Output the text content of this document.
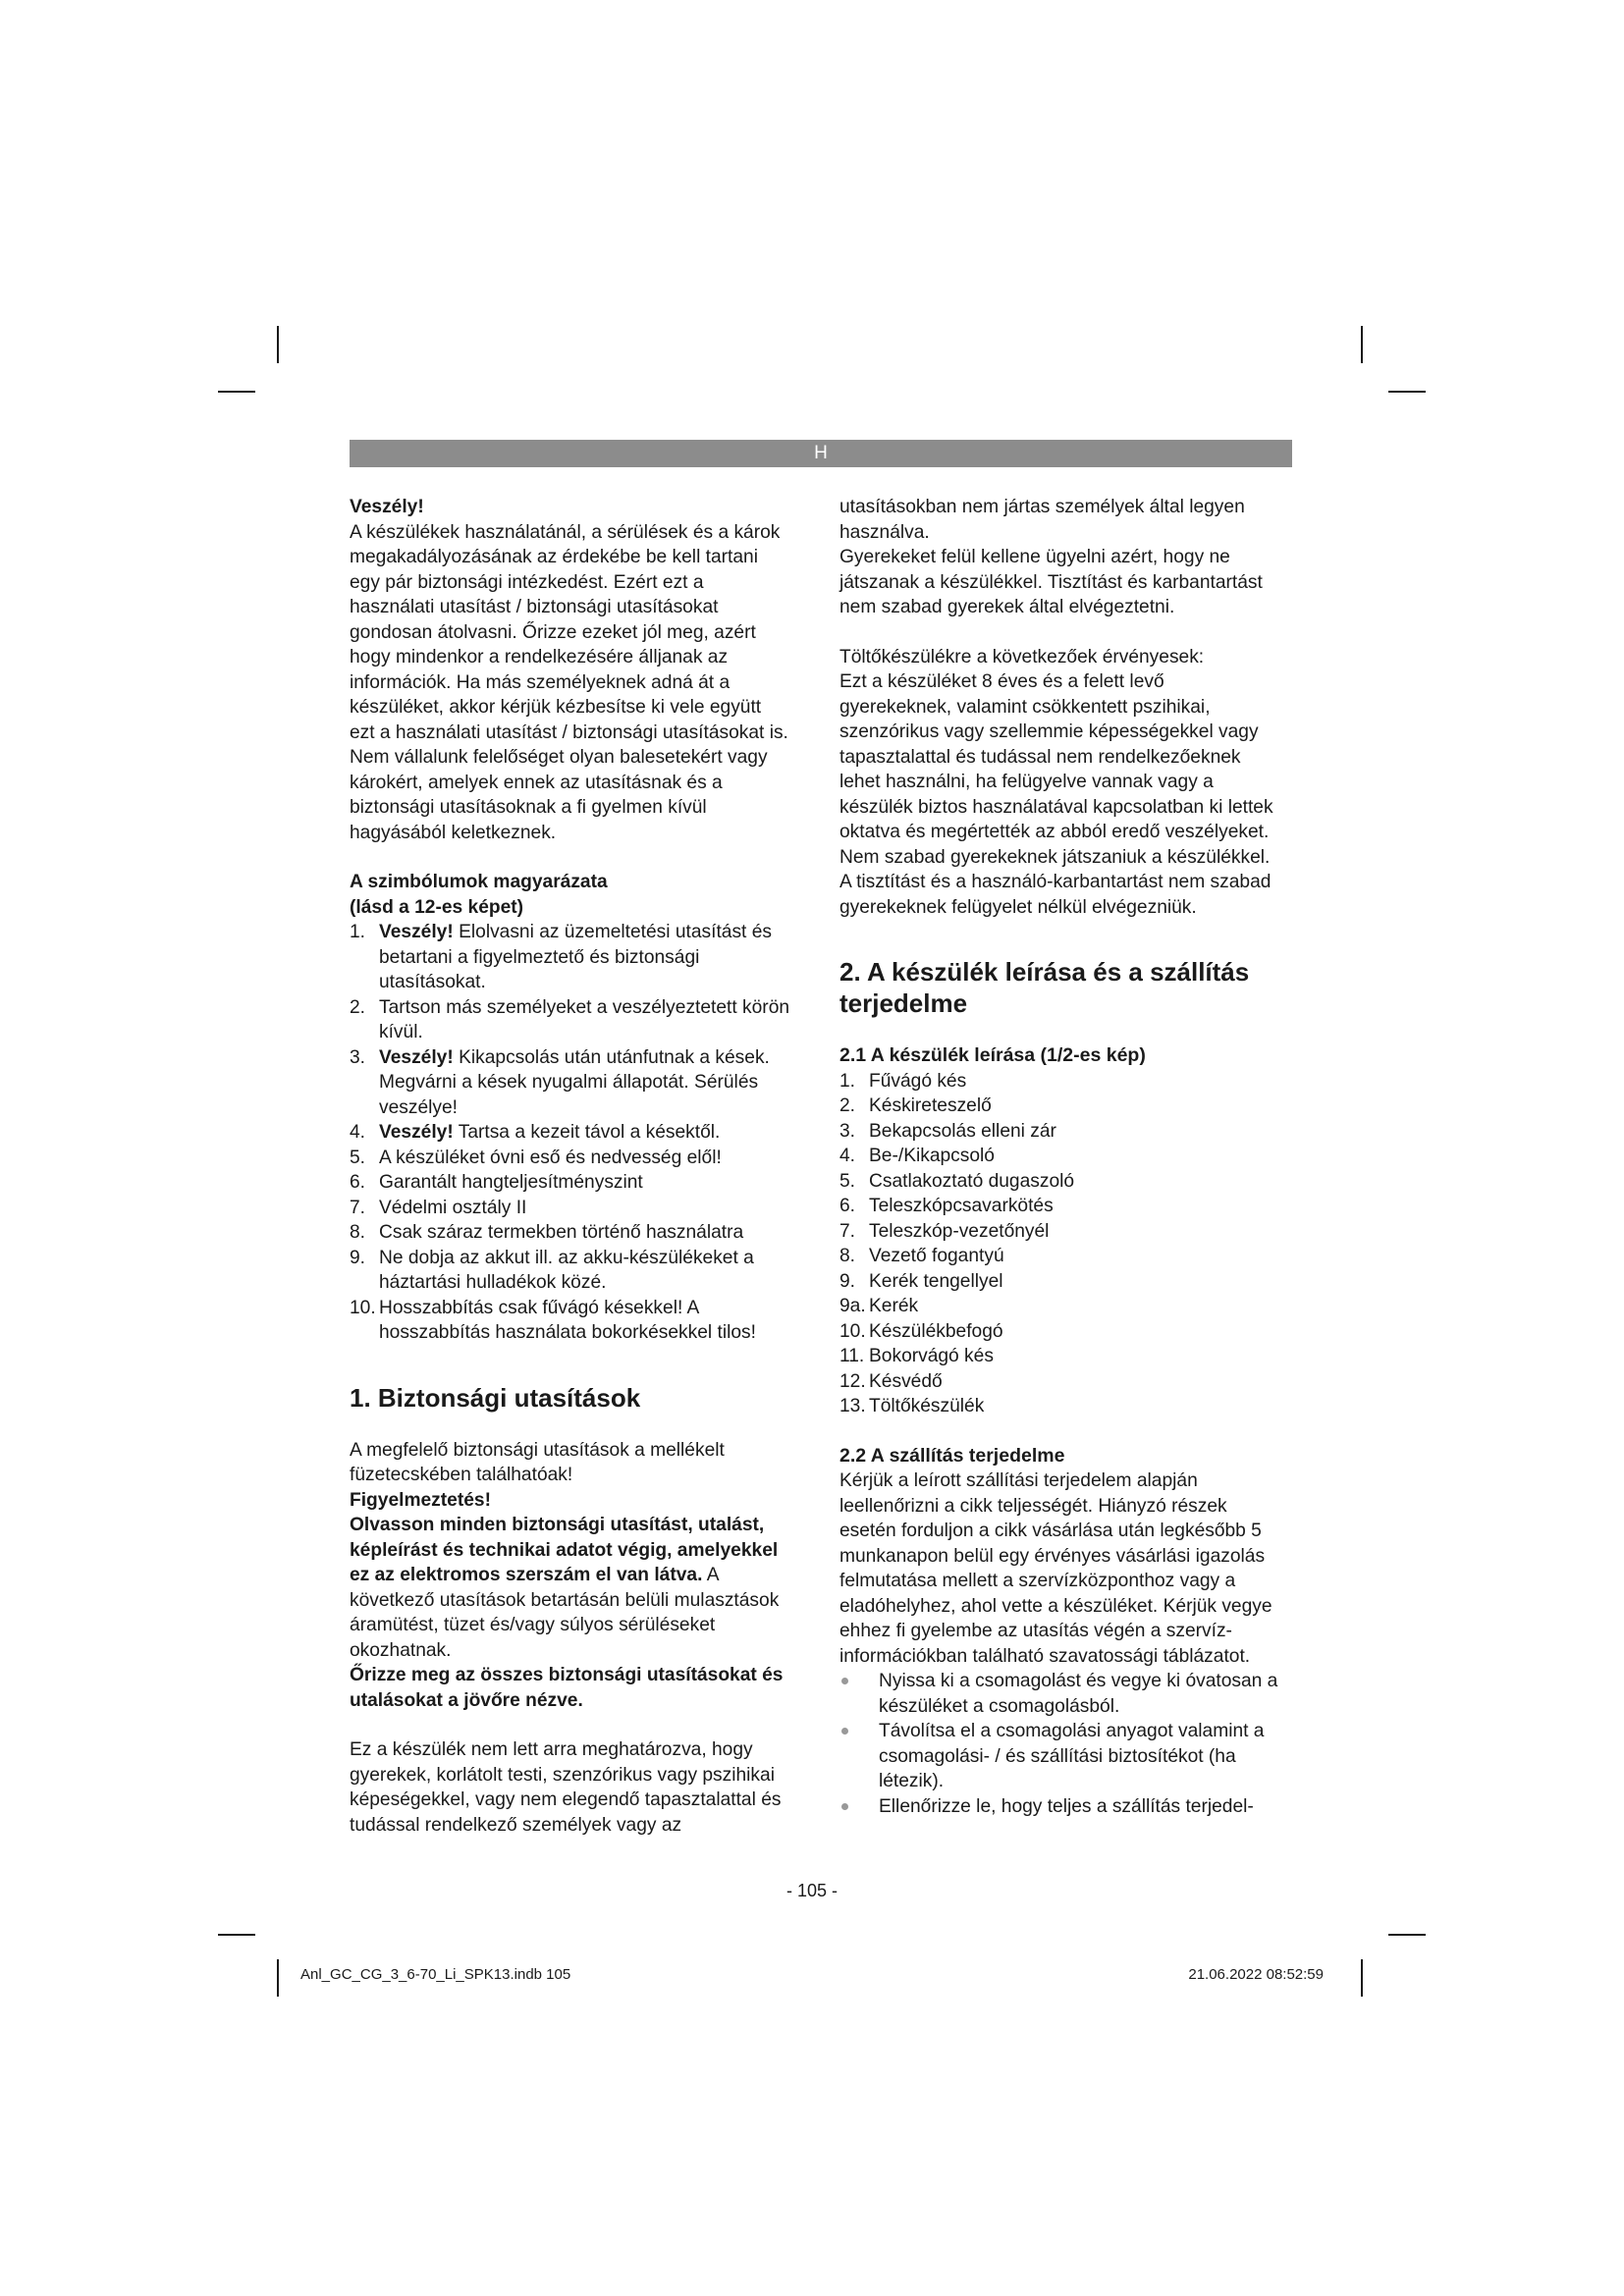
H

Veszély!

A készülékek használatánál, a sérülések és a károk megakadályozásának az érdekébe be kell tartani egy pár biztonsági intézkedést. Ezért ezt a használati utasítást / biztonsági utasításokat gondosan átolvasni. Őrizze ezeket jól meg, azért hogy mindenkor a rendelkezésére álljanak az információk. Ha más személyeknek adná át a készüléket, akkor kérjük kézbesítse ki vele együtt ezt a használati utasítást / biztonsági utasításokat is. Nem vállalunk felelőséget olyan balesetekért vagy károkért, amelyek ennek az utasításnak és a biztonsági utasításoknak a fi gyelmen kívül hagyásából keletkeznek.

A szimbólumok magyarázata

(lásd a 12-es képet)

1. Veszély! Elolvasni az üzemeltetési utasítást és betartani a figyelmeztető és biztonsági utasításokat.
2. Tartson más személyeket a veszélyeztetett körön kívül.
3. Veszély! Kikapcsolás után utánfutnak a kések. Megvárni a kések nyugalmi állapotát. Sérülés veszélye!
4. Veszély! Tartsa a kezeit távol a késektől.
5. A készüléket óvni eső és nedvesség elől!
6. Garantált hangteljesítményszint
7. Védelmi osztály II
8. Csak száraz termekben történő használatra
9. Ne dobja az akkut ill. az akku-készülékeket a háztartási hulladékok közé.
10. Hosszabbítás csak fűvágó késekkel! A hosszabbítás használata bokorkésekkel tilos!

1. Biztonsági utasítások

A megfelelő biztonsági utasítások a mellékelt füzetecskében találhatóak!

Figyelmeztetés!

Olvasson minden biztonsági utasítást, utalást, képleírást és technikai adatot végig, amelyekkel ez az elektromos szerszám el van látva. A következő utasítások betartásán belüli mulasztások áramütést, tüzet és/vagy súlyos sérüléseket okozhatnak.

Őrizze meg az összes biztonsági utasításokat és utalásokat a jövőre nézve.

Ez a készülék nem lett arra meghatározva, hogy gyerekek, korlátolt testi, szenzórikus vagy pszihikai képeségekkel, vagy nem elegendő tapasztalattal és tudással rendelkező személyek vagy az

utasításokban nem jártas személyek által legyen használva.

Gyerekeket felül kellene ügyelni azért, hogy ne játszanak a készülékkel. Tisztítást és karbantartást nem szabad gyerekek által elvégeztetni.

Töltőkészülékre a következőek érvényesek:

Ezt a készüléket 8 éves és a felett levő gyerekeknek, valamint csökkentett pszihikai, szenzórikus vagy szellemmie képességekkel vagy tapasztalattal és tudással nem rendelkezőeknek lehet használni, ha felügyelve vannak vagy a készülék biztos használatával kapcsolatban ki lettek oktatva és megértették az abból eredő veszélyeket. Nem szabad gyerekeknek játszaniuk a készülékkel. A tisztítást és a használó-karbantartást nem szabad gyerekeknek felügyelet nélkül elvégezniük.

2. A készülék leírása és a szállítás terjedelme

2.1 A készülék leírása (1/2-es kép)

1. Fűvágó kés
2. Késkireteszelő
3. Bekapcsolás elleni zár
4. Be-/Kikapcsoló
5. Csatlakoztató dugaszoló
6. Teleszkópcsavarkötés
7. Teleszkóp-vezetőnyél
8. Vezető fogantyú
9. Kerék tengellyel
9a. Kerék
10. Készülékbefogó
11. Bokorvágó kés
12. Késvédő
13. Töltőkészülék

2.2 A szállítás terjedelme

Kérjük a leírott szállítási terjedelem alapján leellenőrizni a cikk teljességét. Hiányzó részek esetén forduljon a cikk vásárlása után legkésőbb 5 munkanapon belül egy érvényes vásárlási igazolás felmutatása mellett a szervízközponthoz vagy a eladóhelyhez, ahol vette a készüléket. Kérjük vegye ehhez fi gyelembe az utasítás végén a szervíz-információkban található szavatossági táblázatot.

Nyissa ki a csomagolást és vegye ki óvatosan a készüléket a csomagolásból.
Távolítsa el a csomagolási anyagot valamint a csomagolási- / és szállítási biztosítékot (ha létezik).
Ellenőrizze le, hogy teljes a szállítás terjedel-
- 105 -
Anl_GC_CG_3_6-70_Li_SPK13.indb 105	21.06.2022 08:52:59
